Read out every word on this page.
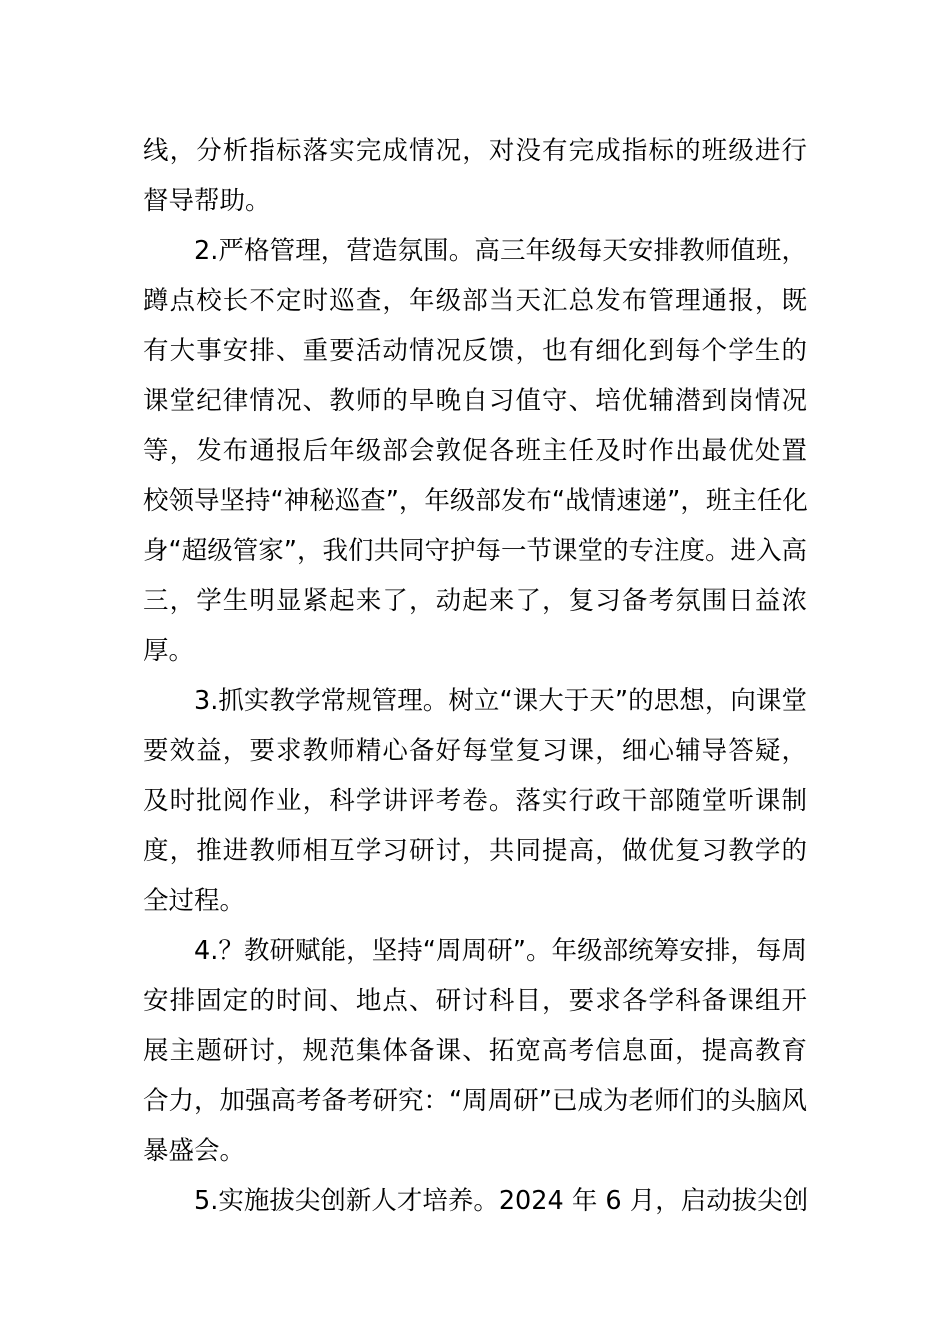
线，分析指标落实完成情况，对没有完成指标的班级进行
督导帮助。
2.严格管理，营造氛围。高三年级每天安排教师值班，
蹲点校长不定时巡查，年级部当天汇总发布管理通报，既
有大事安排、重要活动情况反馈，也有细化到每个学生的
课堂纪律情况、教师的早晚自习值守、培优辅潜到岗情况
等，发布通报后年级部会敦促各班主任及时作出最优处置
校领导坚持“神秘巡查”，年级部发布“战情速递”，班主任化
身“超级管家”，我们共同守护每一节课堂的专注度。进入高
三，学生明显紧起来了，动起来了，复习备考氛围日益浓
厚。
3.抓实教学常规管理。树立“课大于天”的思想，向课堂
要效益，要求教师精心备好每堂复习课，细心辅导答疑，
及时批阅作业，科学讲评考卷。落实行政干部随堂听课制
度，推进教师相互学习研讨，共同提高，做优复习教学的
全过程。
4.？教研赋能，坚持“周周研”。年级部统筹安排，每周
安排固定的时间、地点、研讨科目，要求各学科备课组开
展主题研讨，规范集体备课、拓宽高考信息面，提高教育
合力，加强高考备考研究：“周周研”已成为老师们的头脑风
暴盛会。
5.实施拔尖创新人才培养。2024 年 6 月，启动拔尖创
